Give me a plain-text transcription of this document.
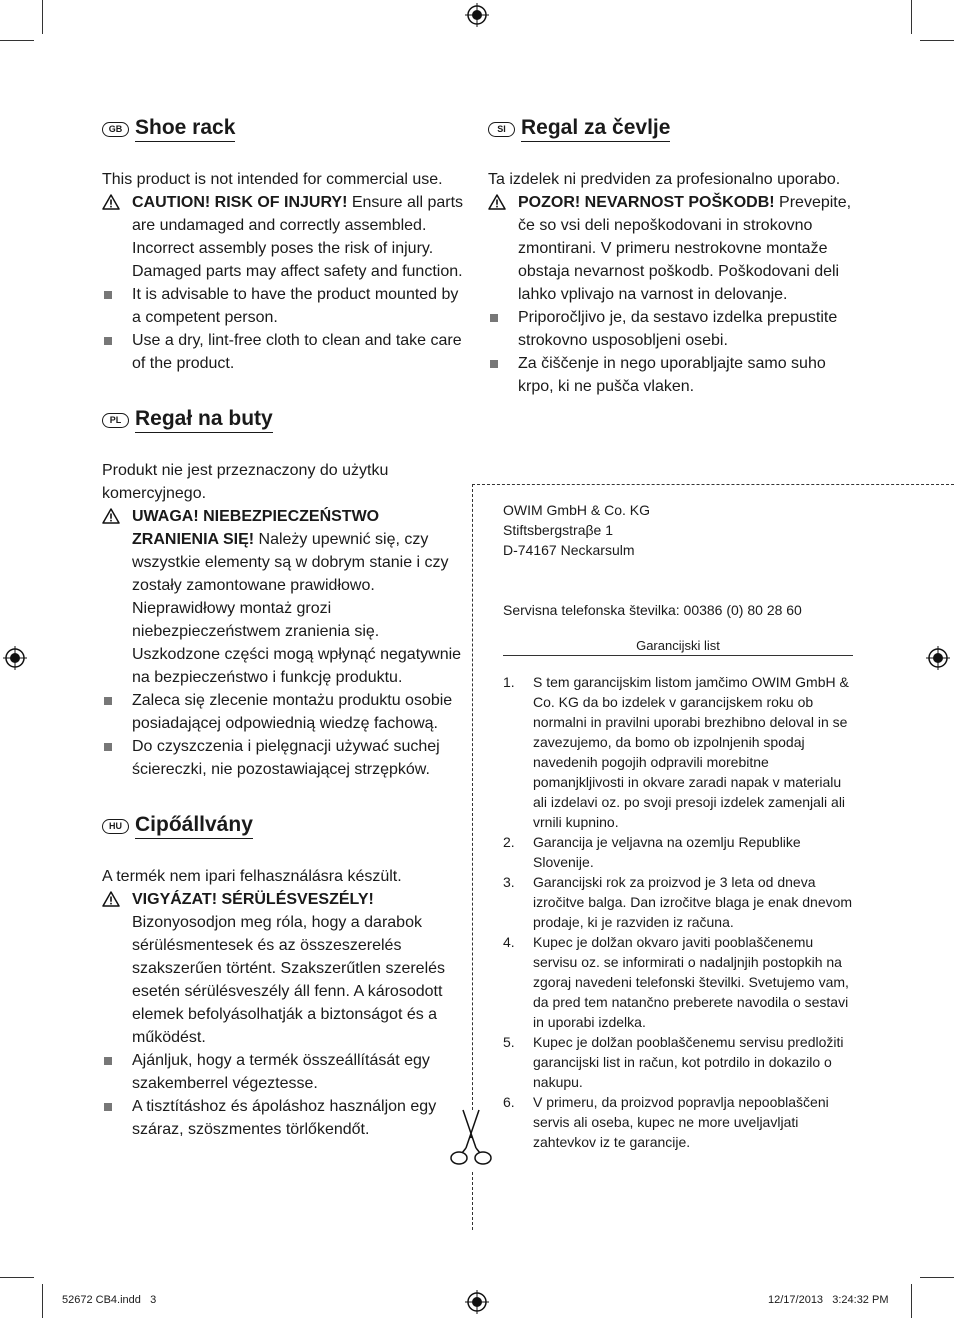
GB Shoe rack

This product is not intended for commercial use.

CAUTION! RISK OF INJURY! Ensure all parts are undamaged and correctly assembled. Incorrect assembly poses the risk of injury. Damaged parts may affect safety and function.
It is advisable to have the product mounted by a competent person.
Use a dry, lint-free cloth to clean and take care of the product.
PL Regał na buty

Produkt nie jest przeznaczony do użytku komercyjnego.

UWAGA! NIEBEZPIECZEŃSTWO ZRANIENIA SIĘ! Należy upewnić się, czy wszystkie elementy są w dobrym stanie i czy zostały zamontowane prawidłowo. Nieprawidłowy montaż grozi niebezpieczeństwem zranienia się. Uszkodzone części mogą wpłynąć negatywnie na bezpieczeństwo i funkcję produktu.
Zaleca się zlecenie montażu produktu osobie posiadającej odpowiednią wiedzę fachową.
Do czyszczenia i pielęgnacji używać suchej ściereczki, nie pozostawiającej strzępków.
HU Cipőállvány

A termék nem ipari felhasználásra készült.

VIGYÁZAT! SÉRÜLÉSVESZÉLY! Bizonyosodjon meg róla, hogy a darabok sérülésmentesek és az összeszerelés szakszerűen történt. Szakszerűtlen szerelés esetén sérülésveszély áll fenn. A károsodott elemek befolyásolhatják a biztonságot és a működést.
Ajánljuk, hogy a termék összeállítását egy szakemberrel végeztesse.
A tisztításhoz és ápoláshoz használjon egy száraz, szöszmentes törlőkendőt.
SI Regal za čevlje

Ta izdelek ni predviden za profesionalno uporabo.

POZOR! NEVARNOST POŠKODB! Prevepite, če so vsi deli nepoškodovani in strokovno zmontirani. V primeru nestrokovne montaže obstaja nevarnost poškodb. Poškodovani deli lahko vplivajo na varnost in delovanje.
Priporočljivo je, da sestavo izdelka prepustite strokovno usposobljeni osebi.
Za čiščenje in nego uporabljajte samo suho krpo, ki ne pušča vlaken.
OWIM GmbH & Co. KG
Stiftsbergstraβe 1
D-74167 Neckarsulm
Servisna telefonska številka: 00386 (0) 80 28 60
Garancijski list
1.	S tem garancijskim listom jamčimo OWIM GmbH & Co. KG da bo izdelek v garancijskem roku ob normalni in pravilni uporabi brezhibno deloval in se zavezujemo, da bomo ob izpolnjenih spodaj navedenih pogojih odpravili morebitne pomanjkljivosti in okvare zaradi napak v materialu ali izdelavi oz. po svoji presoji izdelek zamenjali ali vrnili kupnino.
2.	Garancija je veljavna na ozemlju Republike Slovenije.
3.	Garancijski rok za proizvod je 3 leta od dneva izročitve balga. Dan izročitve blaga je enak dnevom prodaje, ki je razviden iz računa.
4.	Kupec je dolžan okvaro javiti pooblaščenemu servisu oz. se informirati o nadaljnjih postopkih na zgoraj navedeni telefonski številki. Svetujemo vam, da pred tem natančno preberete navodila o sestavi in uporabi izdelka.
5.	Kupec je dolžan pooblaščenemu servisu predložiti garancijski list in račun, kot potrdilo in dokazilo o nakupu.
6.	V primeru, da proizvod popravlja nepooblaščeni servis ali oseba, kupec ne more uveljavljati zahtevkov iz te garancije.
52672 CB4.indd   3	12/17/2013   3:24:32 PM
